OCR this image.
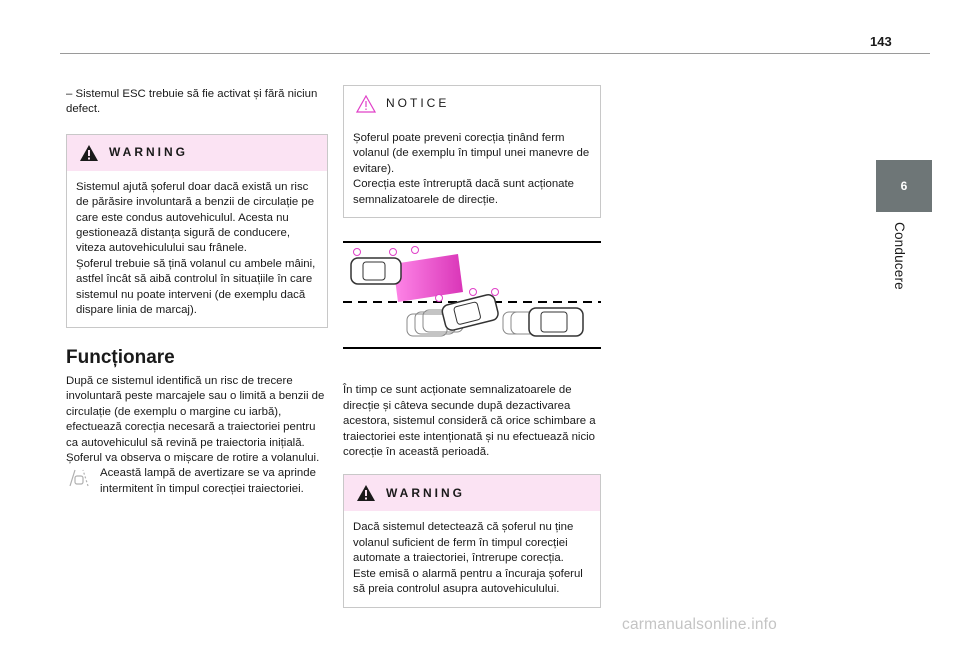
143
6
Conducere

– Sistemul ESC trebuie să fie activat și fără niciun defect.

WARNING

Sistemul ajută șoferul doar dacă există un risc de părăsire involuntară a benzii de circulație pe care este condus autovehiculul. Acesta nu gestionează distanța sigură de conducere, viteza autovehiculului sau frânele.

Șoferul trebuie să țină volanul cu ambele mâini, astfel încât să aibă controlul în situațiile în care sistemul nu poate interveni (de exemplu dacă dispare linia de marcaj).

Funcționare

După ce sistemul identifică un risc de trecere involuntară peste marcajele sau o limită a benzii de circulație (de exemplu o margine cu iarbă), efectuează corecția necesară a traiectoriei pentru ca autovehiculul să revină pe traiectoria inițială.

Șoferul va observa o mișcare de rotire a volanului.

Această lampă de avertizare se va aprinde intermitent în timpul corecției traiectoriei.

NOTICE

Șoferul poate preveni corecția ținând ferm volanul (de exemplu în timpul unei manevre de evitare).

Corecția este întreruptă dacă sunt acționate semnalizatoarele de direcție.

În timp ce sunt acționate semnalizatoarele de direcție și câteva secunde după dezactivarea acestora, sistemul consideră că orice schimbare a traiectoriei este intenționată și nu efectuează nicio corecție în această perioadă.

WARNING

Dacă sistemul detectează că șoferul nu ține volanul suficient de ferm în timpul corecției automate a traiectoriei, întrerupe corecția.

Este emisă o alarmă pentru a încuraja șoferul să preia controlul asupra autovehiculului.

carmanualsonline.info
